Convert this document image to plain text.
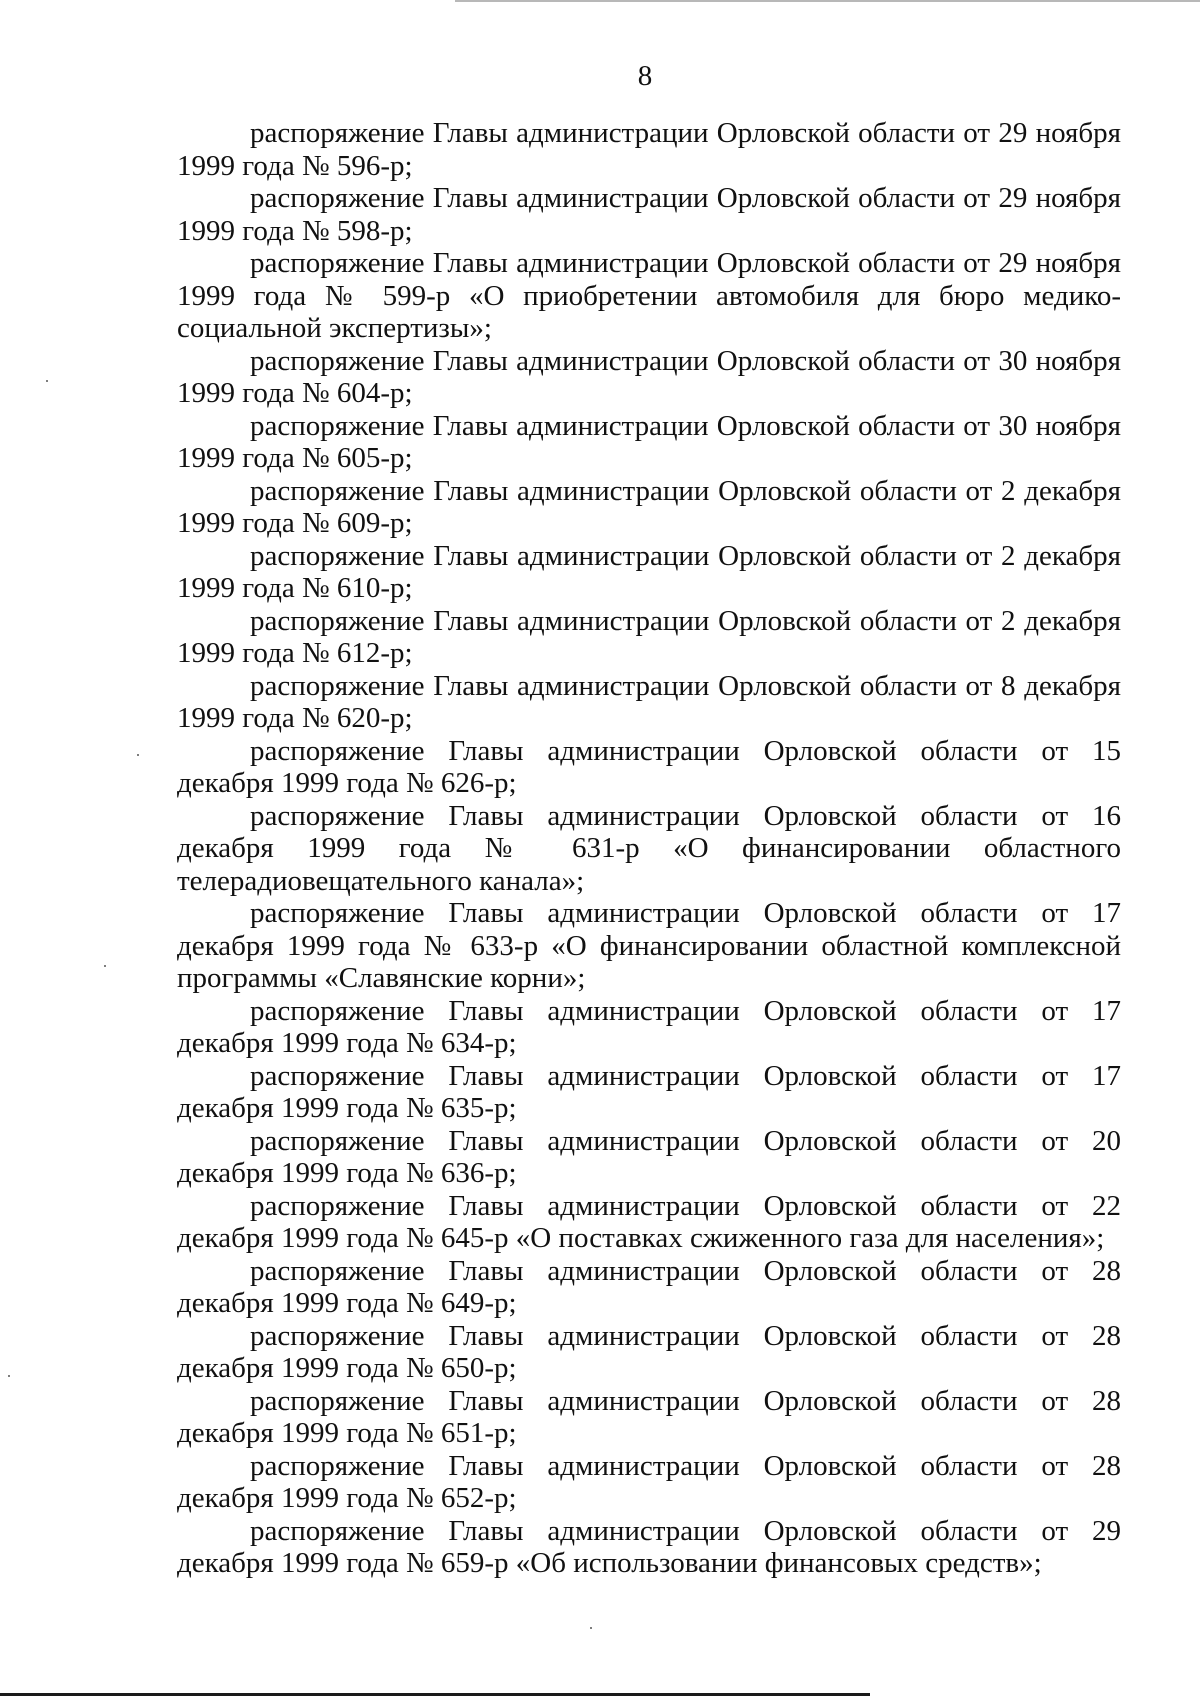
8

распоряжение Главы администрации Орловской области от 29 ноября 1999 года № 596-р;

распоряжение Главы администрации Орловской области от 29 ноября 1999 года № 598-р;

распоряжение Главы администрации Орловской области от 29 ноября 1999 года № 599-р «О приобретении автомобиля для бюро медико-социальной экспертизы»;

распоряжение Главы администрации Орловской области от 30 ноября 1999 года № 604-р;

распоряжение Главы администрации Орловской области от 30 ноября 1999 года № 605-р;

распоряжение Главы администрации Орловской области от 2 декабря 1999 года № 609-р;

распоряжение Главы администрации Орловской области от 2 декабря 1999 года № 610-р;

распоряжение Главы администрации Орловской области от 2 декабря 1999 года № 612-р;

распоряжение Главы администрации Орловской области от 8 декабря 1999 года № 620-р;

распоряжение Главы администрации Орловской области от 15 декабря 1999 года № 626-р;

распоряжение Главы администрации Орловской области от 16 декабря 1999 года № 631-р «О финансировании областного телерадиовещательного канала»;

распоряжение Главы администрации Орловской области от 17 декабря 1999 года № 633-р «О финансировании областной комплексной программы «Славянские корни»;

распоряжение Главы администрации Орловской области от 17 декабря 1999 года № 634-р;

распоряжение Главы администрации Орловской области от 17 декабря 1999 года № 635-р;

распоряжение Главы администрации Орловской области от 20 декабря 1999 года № 636-р;

распоряжение Главы администрации Орловской области от 22 декабря 1999 года № 645-р «О поставках сжиженного газа для населения»;

распоряжение Главы администрации Орловской области от 28 декабря 1999 года № 649-р;

распоряжение Главы администрации Орловской области от 28 декабря 1999 года № 650-р;

распоряжение Главы администрации Орловской области от 28 декабря 1999 года № 651-р;

распоряжение Главы администрации Орловской области от 28 декабря 1999 года № 652-р;

распоряжение Главы администрации Орловской области от 29 декабря 1999 года № 659-р «Об использовании финансовых средств»;
